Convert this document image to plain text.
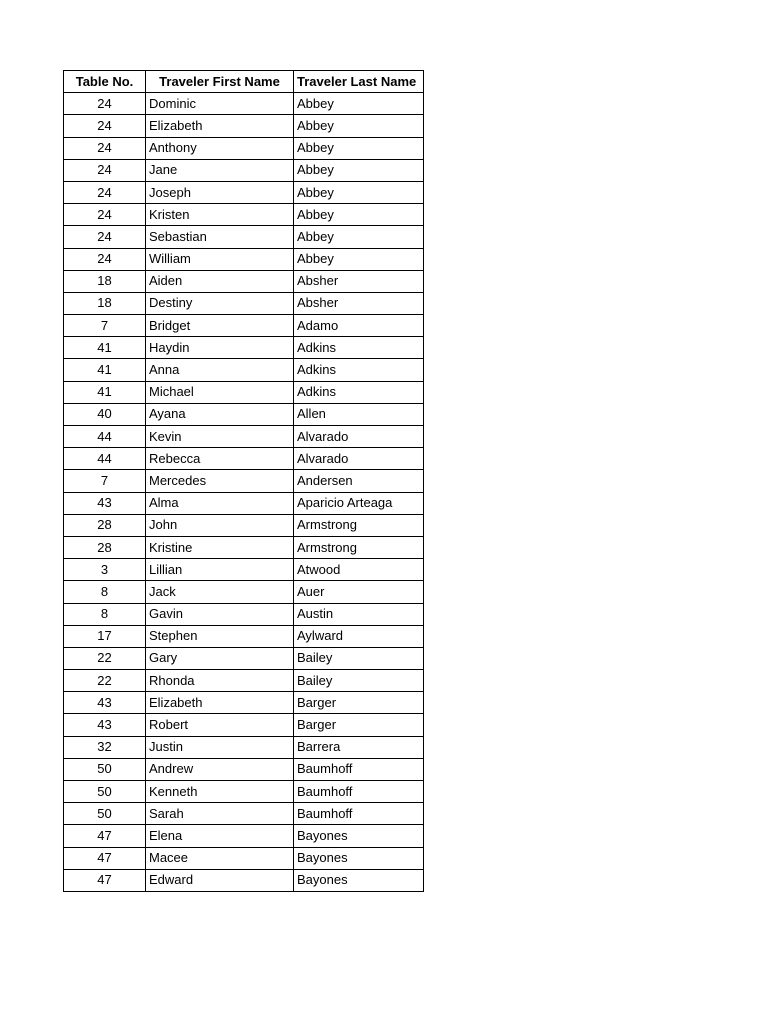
Table No.	Traveler First Name	Traveler Last Name
24	Dominic	Abbey
24	Elizabeth	Abbey
24	Anthony	Abbey
24	Jane	Abbey
24	Joseph	Abbey
24	Kristen	Abbey
24	Sebastian	Abbey
24	William	Abbey
18	Aiden	Absher
18	Destiny	Absher
7	Bridget	Adamo
41	Haydin	Adkins
41	Anna	Adkins
41	Michael	Adkins
40	Ayana	Allen
44	Kevin	Alvarado
44	Rebecca	Alvarado
7	Mercedes	Andersen
43	Alma	Aparicio Arteaga
28	John	Armstrong
28	Kristine	Armstrong
3	Lillian	Atwood
8	Jack	Auer
8	Gavin	Austin
17	Stephen	Aylward
22	Gary	Bailey
22	Rhonda	Bailey
43	Elizabeth	Barger
43	Robert	Barger
32	Justin	Barrera
50	Andrew	Baumhoff
50	Kenneth	Baumhoff
50	Sarah	Baumhoff
47	Elena	Bayones
47	Macee	Bayones
47	Edward	Bayones
